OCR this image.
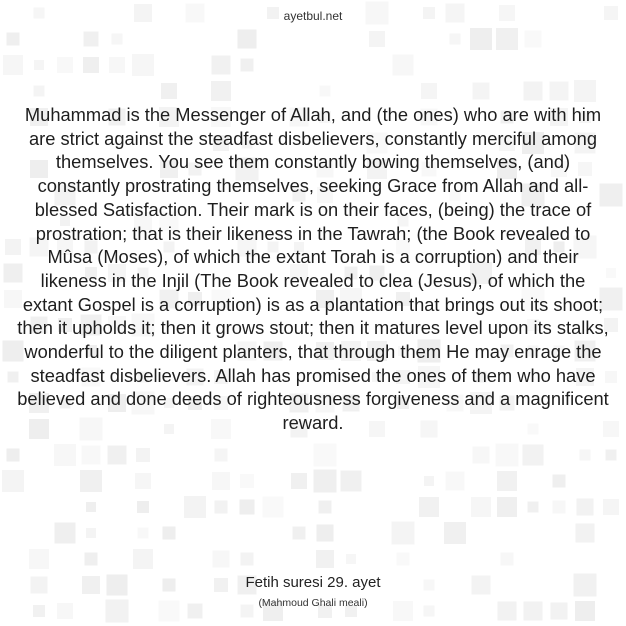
ayetbul.net
Muhammad is the Messenger of Allah, and (the ones) who are with him are strict against the steadfast disbelievers, constantly merciful among themselves. You see them constantly bowing themselves, (and) constantly prostrating themselves, seeking Grace from Allah and all-blessed Satisfaction. Their mark is on their faces, (being) the trace of prostration; that is their likeness in the Tawrah; (the Book revealed to Mûsa (Moses), of which the extant Torah is a corruption) and their likeness in the Injil (The Book revealed to clea (Jesus), of which the extant Gospel is a corruption) is as a plantation that brings out its shoot; then it upholds it; then it grows stout; then it matures level upon its stalks, wonderful to the diligent planters, that through them He may enrage the steadfast disbelievers. Allah has promised the ones of them who have believed and done deeds of righteousness forgiveness and a magnificent reward.
Fetih suresi 29. ayet
(Mahmoud Ghali meali)
